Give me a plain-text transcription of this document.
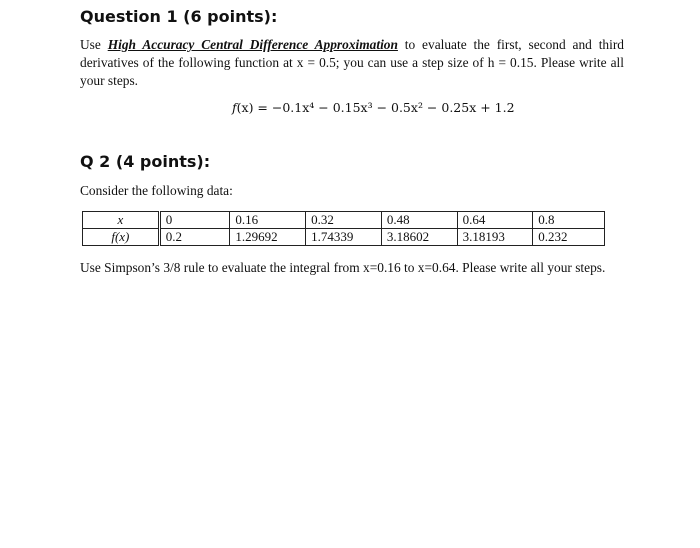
Question 1 (6 points):
Use High Accuracy Central Difference Approximation to evaluate the first, second and third derivatives of the following function at x = 0.5; you can use a step size of h = 0.15. Please write all your steps.
f(x) = −0.1x⁴ − 0.15x³ − 0.5x² − 0.25x + 1.2
Q 2 (4 points):
Consider the following data:
x	0	0.16	0.32	0.48	0.64	0.8
f(x)	0.2	1.29692	1.74339	3.18602	3.18193	0.232
Use Simpson’s 3/8 rule to evaluate the integral from x=0.16 to x=0.64. Please write all your steps.
